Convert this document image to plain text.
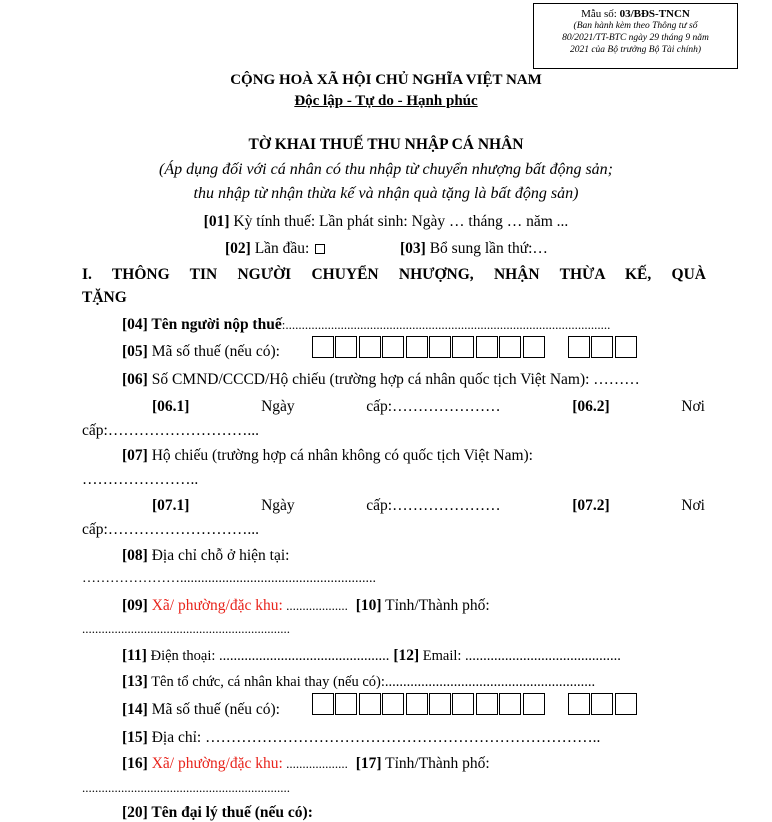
Mẫu số: 03/BĐS-TNCN
(Ban hành kèm theo Thông tư số
80/2021/TT-BTC ngày 29 tháng 9 năm
2021 của Bộ trưởng Bộ Tài chính)
CỘNG HOÀ XÃ HỘI CHỦ NGHĨA VIỆT NAM
Độc lập - Tự do - Hạnh phúc
TỜ KHAI THUẾ THU NHẬP CÁ NHÂN
(Áp dụng đối với cá nhân có thu nhập từ chuyển nhượng bất động sản;
thu nhập từ nhận thừa kế và nhận quà tặng là bất động sản)
[01] Kỳ tính thuế: Lần phát sinh: Ngày … tháng … năm ...
[02] Lần đầu:	[03] Bổ sung lần thứ:…
I. THÔNG TIN NGƯỜI CHUYỂN NHƯỢNG, NHẬN THỪA KẾ, QUÀ
TẶNG
[04] Tên người nộp thuế:....................................................................................................
[05] Mã số thuế (nếu có):
[06] Số CMND/CCCD/Hộ chiếu (trường hợp cá nhân quốc tịch Việt Nam): ………
[06.1]	Ngày	cấp:…………………	[06.2]	Nơi
cấp:………………………...
[07] Hộ chiếu (trường hợp cá nhân không có quốc tịch Việt Nam):
…………………..
[07.1]	Ngày	cấp:…………………	[07.2]	Nơi
cấp:………………………...
[08] Địa chỉ chỗ ở hiện tại:
…………………........................................................
[09] Xã/ phường/đặc khu: ................... [10] Tỉnh/Thành phố:
................................................................
[11] Điện thoại: ............................................... [12] Email: ...........................................
[13] Tên tổ chức, cá nhân khai thay (nếu có):..........................................................
[14] Mã số thuế (nếu có):
[15] Địa chỉ: …………………………………………………………………..
[16] Xã/ phường/đặc khu: ................... [17] Tỉnh/Thành phố:
................................................................
[20] Tên đại lý thuế (nếu có):
